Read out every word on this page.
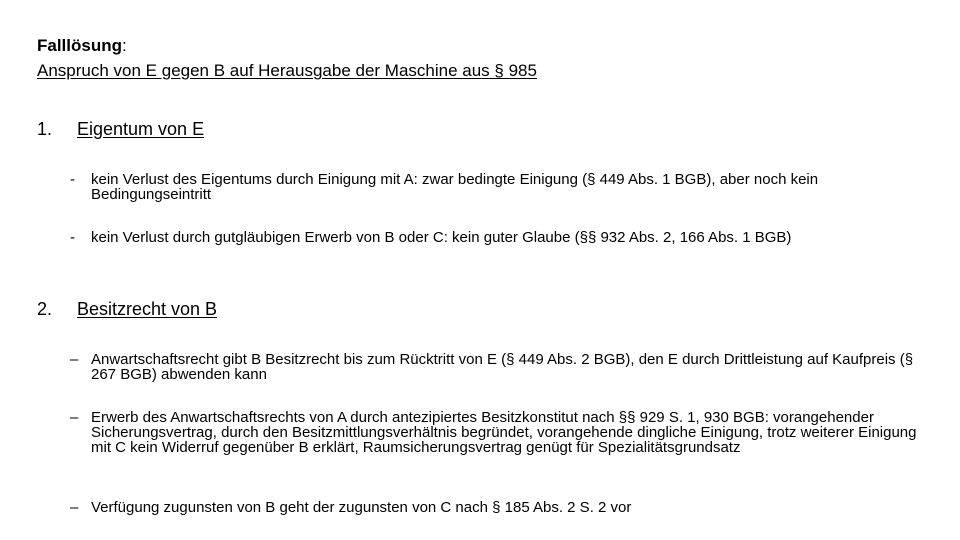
Falllösung:
Anspruch von E gegen B auf Herausgabe der Maschine aus § 985
1. Eigentum von E
-	kein Verlust des Eigentums durch Einigung mit A: zwar bedingte Einigung (§ 449 Abs. 1 BGB), aber noch kein Bedingungseintritt
-	kein Verlust durch gutgläubigen Erwerb von B oder C: kein guter Glaube (§§ 932 Abs. 2, 166 Abs. 1 BGB)
2. Besitzrecht von B
– Anwartschaftsrecht gibt B Besitzrecht bis zum Rücktritt von E (§ 449 Abs. 2 BGB), den E durch Drittleistung auf Kaufpreis (§ 267 BGB) abwenden kann
– Erwerb des Anwartschaftsrechts von A durch antezipiertes Besitzkonstitut nach §§ 929 S. 1, 930 BGB: vorangehender Sicherungsvertrag, durch den Besitzmittlungsverhältnis begründet, vorangehende dingliche Einigung, trotz weiterer Einigung mit C kein Widerruf gegenüber B erklärt, Raumsicherungsvertrag genügt für Spezialitätsgrundsatz
– Verfügung zugunsten von B geht der zugunsten von C nach § 185 Abs. 2 S. 2 vor
